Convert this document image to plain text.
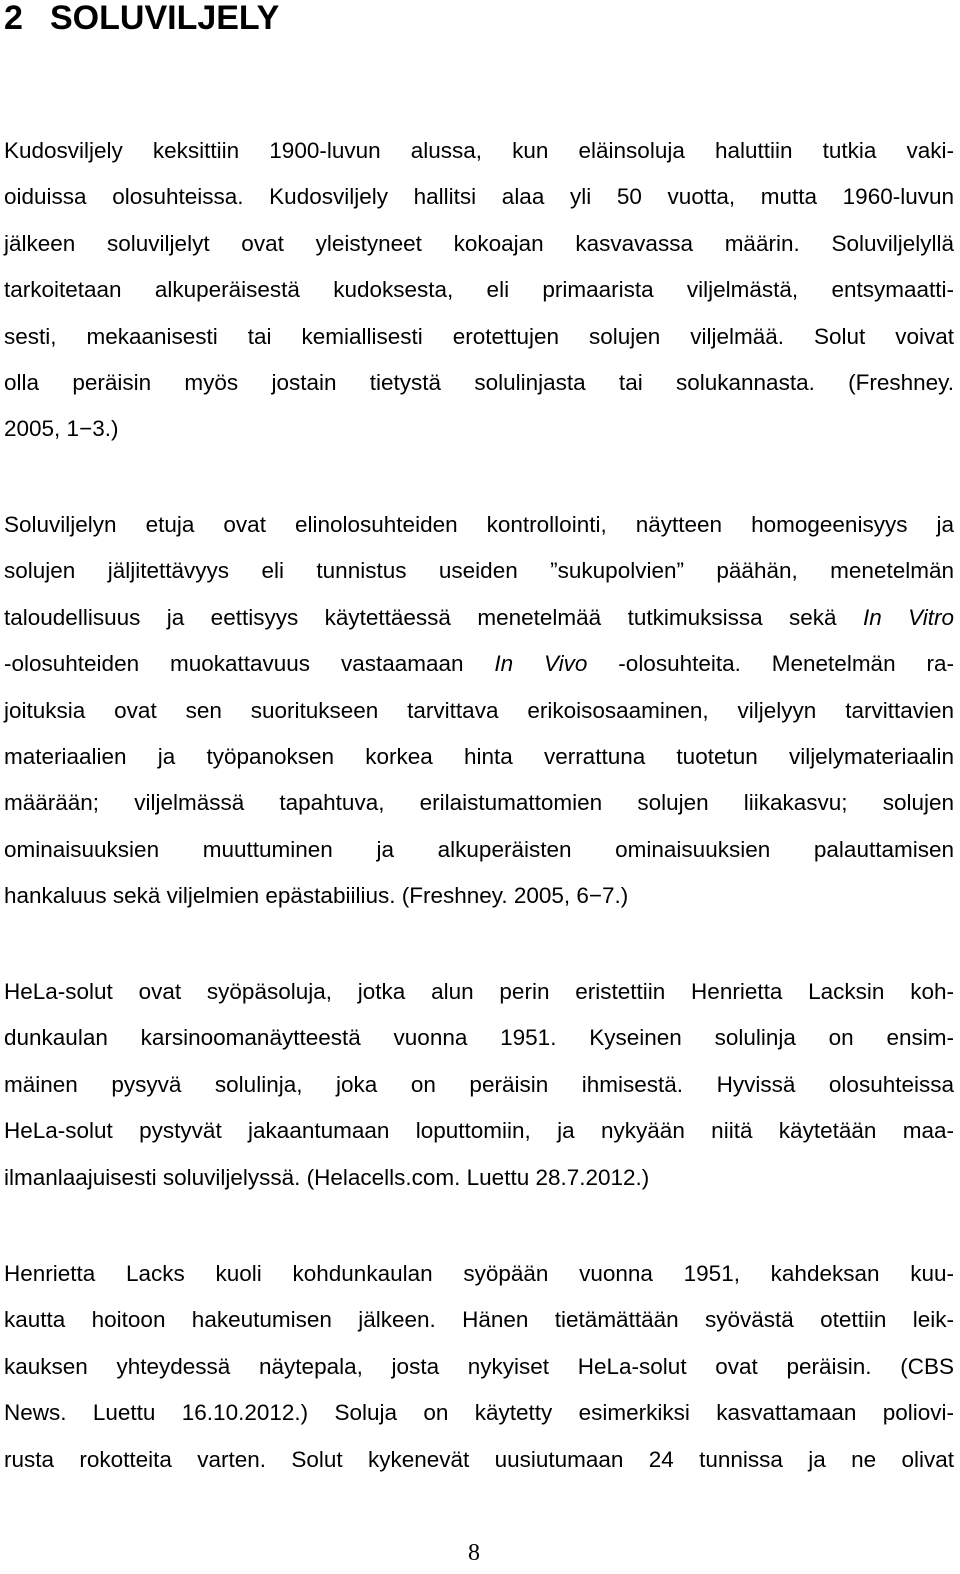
2 SOLUVILJELY
Kudosviljely keksittiin 1900-luvun alussa, kun eläinsoluja haluttiin tutkia vaki-
oiduissa olosuhteissa. Kudosviljely hallitsi alaa yli 50 vuotta, mutta 1960-luvun
jälkeen soluviljelyt ovat yleistyneet kokoajan kasvavassa määrin. Soluviljelyllä
tarkoitetaan alkuperäisestä kudoksesta, eli primaarista viljelmästä, entsymaatti-
sesti, mekaanisesti tai kemiallisesti erotettujen solujen viljelmää. Solut voivat
olla peräisin myös jostain tietystä solulinjasta tai solukannasta. (Freshney.
2005, 1−3.)
Soluviljelyn etuja ovat elinolosuhteiden kontrollointi, näytteen homogeenisyys ja
solujen jäljitettävyys eli tunnistus useiden ”sukupolvien” päähän, menetelmän
taloudellisuus ja eettisyys käytettäessä menetelmää tutkimuksissa sekä In Vitro
-olosuhteiden muokattavuus vastaamaan In Vivo -olosuhteita. Menetelmän ra-
joituksia ovat sen suoritukseen tarvittava erikoisosaaminen, viljelyyn tarvittavien
materiaalien ja työpanoksen korkea hinta verrattuna tuotetun viljelymateriaalin
määrään; viljelmässä tapahtuva, erilaistumattomien solujen liikakasvu; solujen
ominaisuuksien muuttuminen ja alkuperäisten ominaisuuksien palauttamisen
hankaluus sekä viljelmien epästabiilius. (Freshney. 2005, 6−7.)
HeLa-solut ovat syöpäsoluja, jotka alun perin eristettiin Henrietta Lacksin koh-
dunkaulan karsinoomanäytteestä vuonna 1951. Kyseinen solulinja on ensim-
mäinen pysyvä solulinja, joka on peräisin ihmisestä. Hyvissä olosuhteissa
HeLa-solut pystyvät jakaantumaan loputtomiin, ja nykyään niitä käytetään maa-
ilmanlaajuisesti soluviljelyssä. (Helacells.com. Luettu 28.7.2012.)
Henrietta Lacks kuoli kohdunkaulan syöpään vuonna 1951, kahdeksan kuu-
kautta hoitoon hakeutumisen jälkeen. Hänen tietämättään syövästä otettiin leik-
kauksen yhteydessä näytepala, josta nykyiset HeLa-solut ovat peräisin. (CBS
News. Luettu 16.10.2012.) Soluja on käytetty esimerkiksi kasvattamaan poliovi-
rusta rokotteita varten. Solut kykenevät uusiutumaan 24 tunnissa ja ne olivat

8
